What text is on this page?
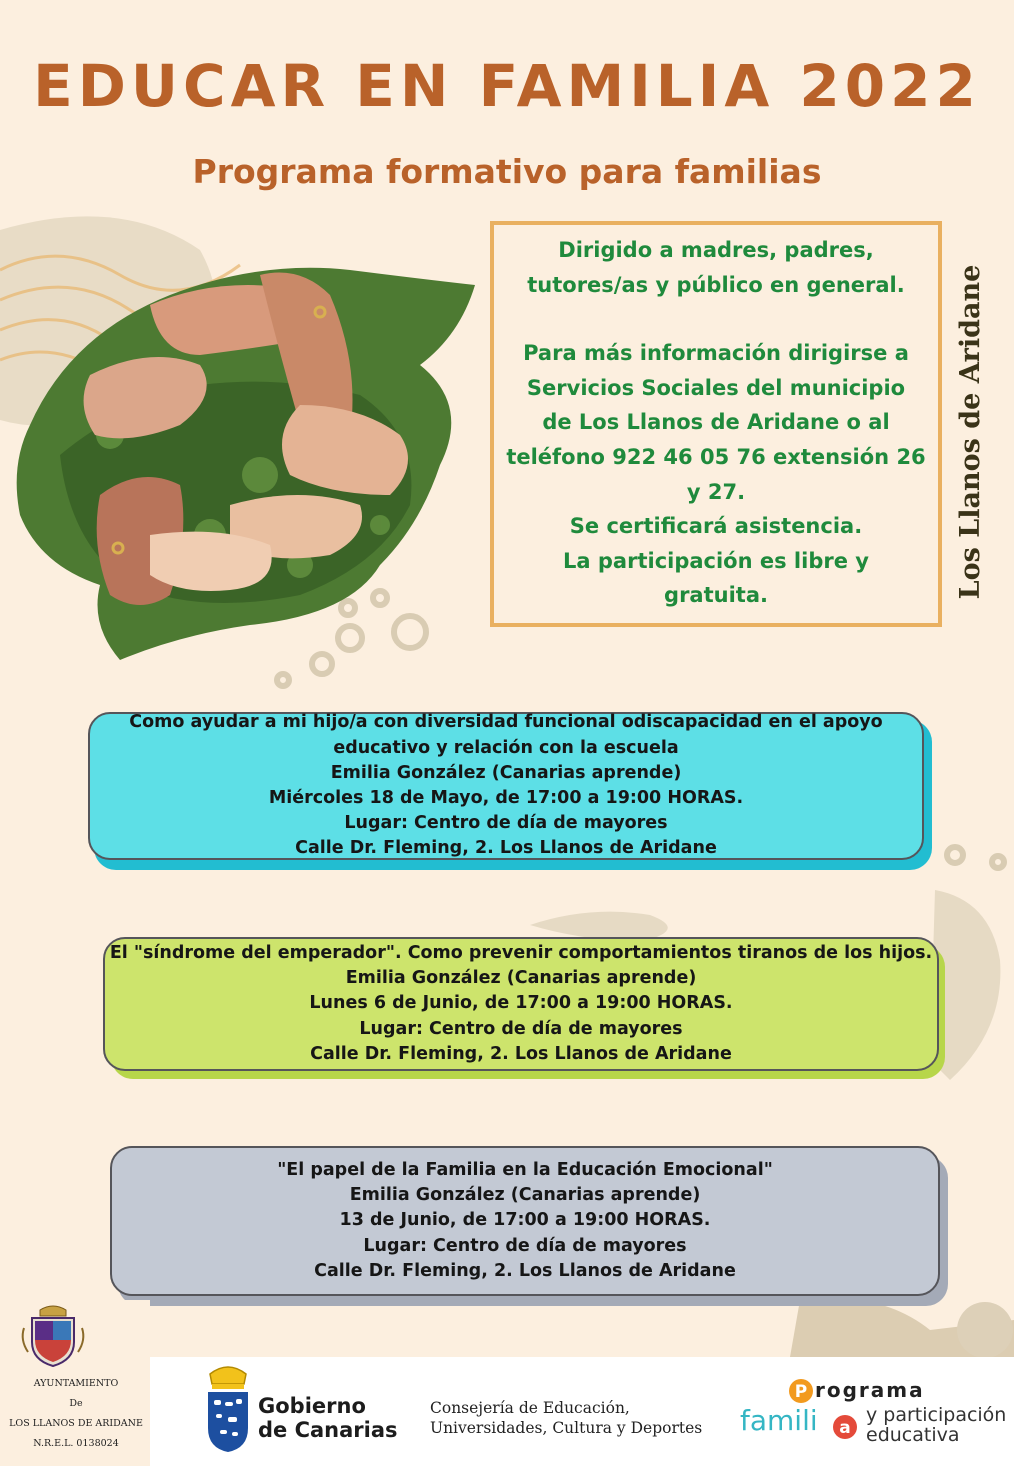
EDUCAR EN FAMILIA 2022
Programa formativo para familias

Dirigido a madres, padres,

tutores/as y público en general.

Para más información dirigirse a

Servicios Sociales del municipio

de Los Llanos de Aridane o al

teléfono 922 46 05 76 extensión 26

y 27.

Se certificará asistencia.

La participación es libre y

gratuita.	Los Llanos de Aridane
Como ayudar a mi hijo/a con diversidad funcional odiscapacidad en el apoyo
educativo y relación con la escuela
Emilia González (Canarias aprende)
Miércoles 18 de Mayo, de 17:00 a 19:00 HORAS.
Lugar: Centro de día de mayores
Calle Dr. Fleming, 2. Los Llanos de Aridane
El "síndrome del emperador". Como prevenir comportamientos tiranos de los hijos.
Emilia González (Canarias aprende)
Lunes 6 de Junio, de 17:00 a 19:00 HORAS.
Lugar: Centro de día de mayores
Calle Dr. Fleming, 2. Los Llanos de Aridane
"El papel de la Familia en la Educación Emocional"
Emilia González (Canarias aprende)
13 de Junio, de 17:00 a 19:00 HORAS.
Lugar: Centro de día de mayores
Calle Dr. Fleming, 2. Los Llanos de Aridane
AYUNTAMIENTO
De
LOS LLANOS DE ARIDANE
N.R.E.L. 0138024
Gobierno
de Canarias
Consejería de Educación,
Universidades, Cultura y Deportes
P rograma
famili a
y participación
educativa
